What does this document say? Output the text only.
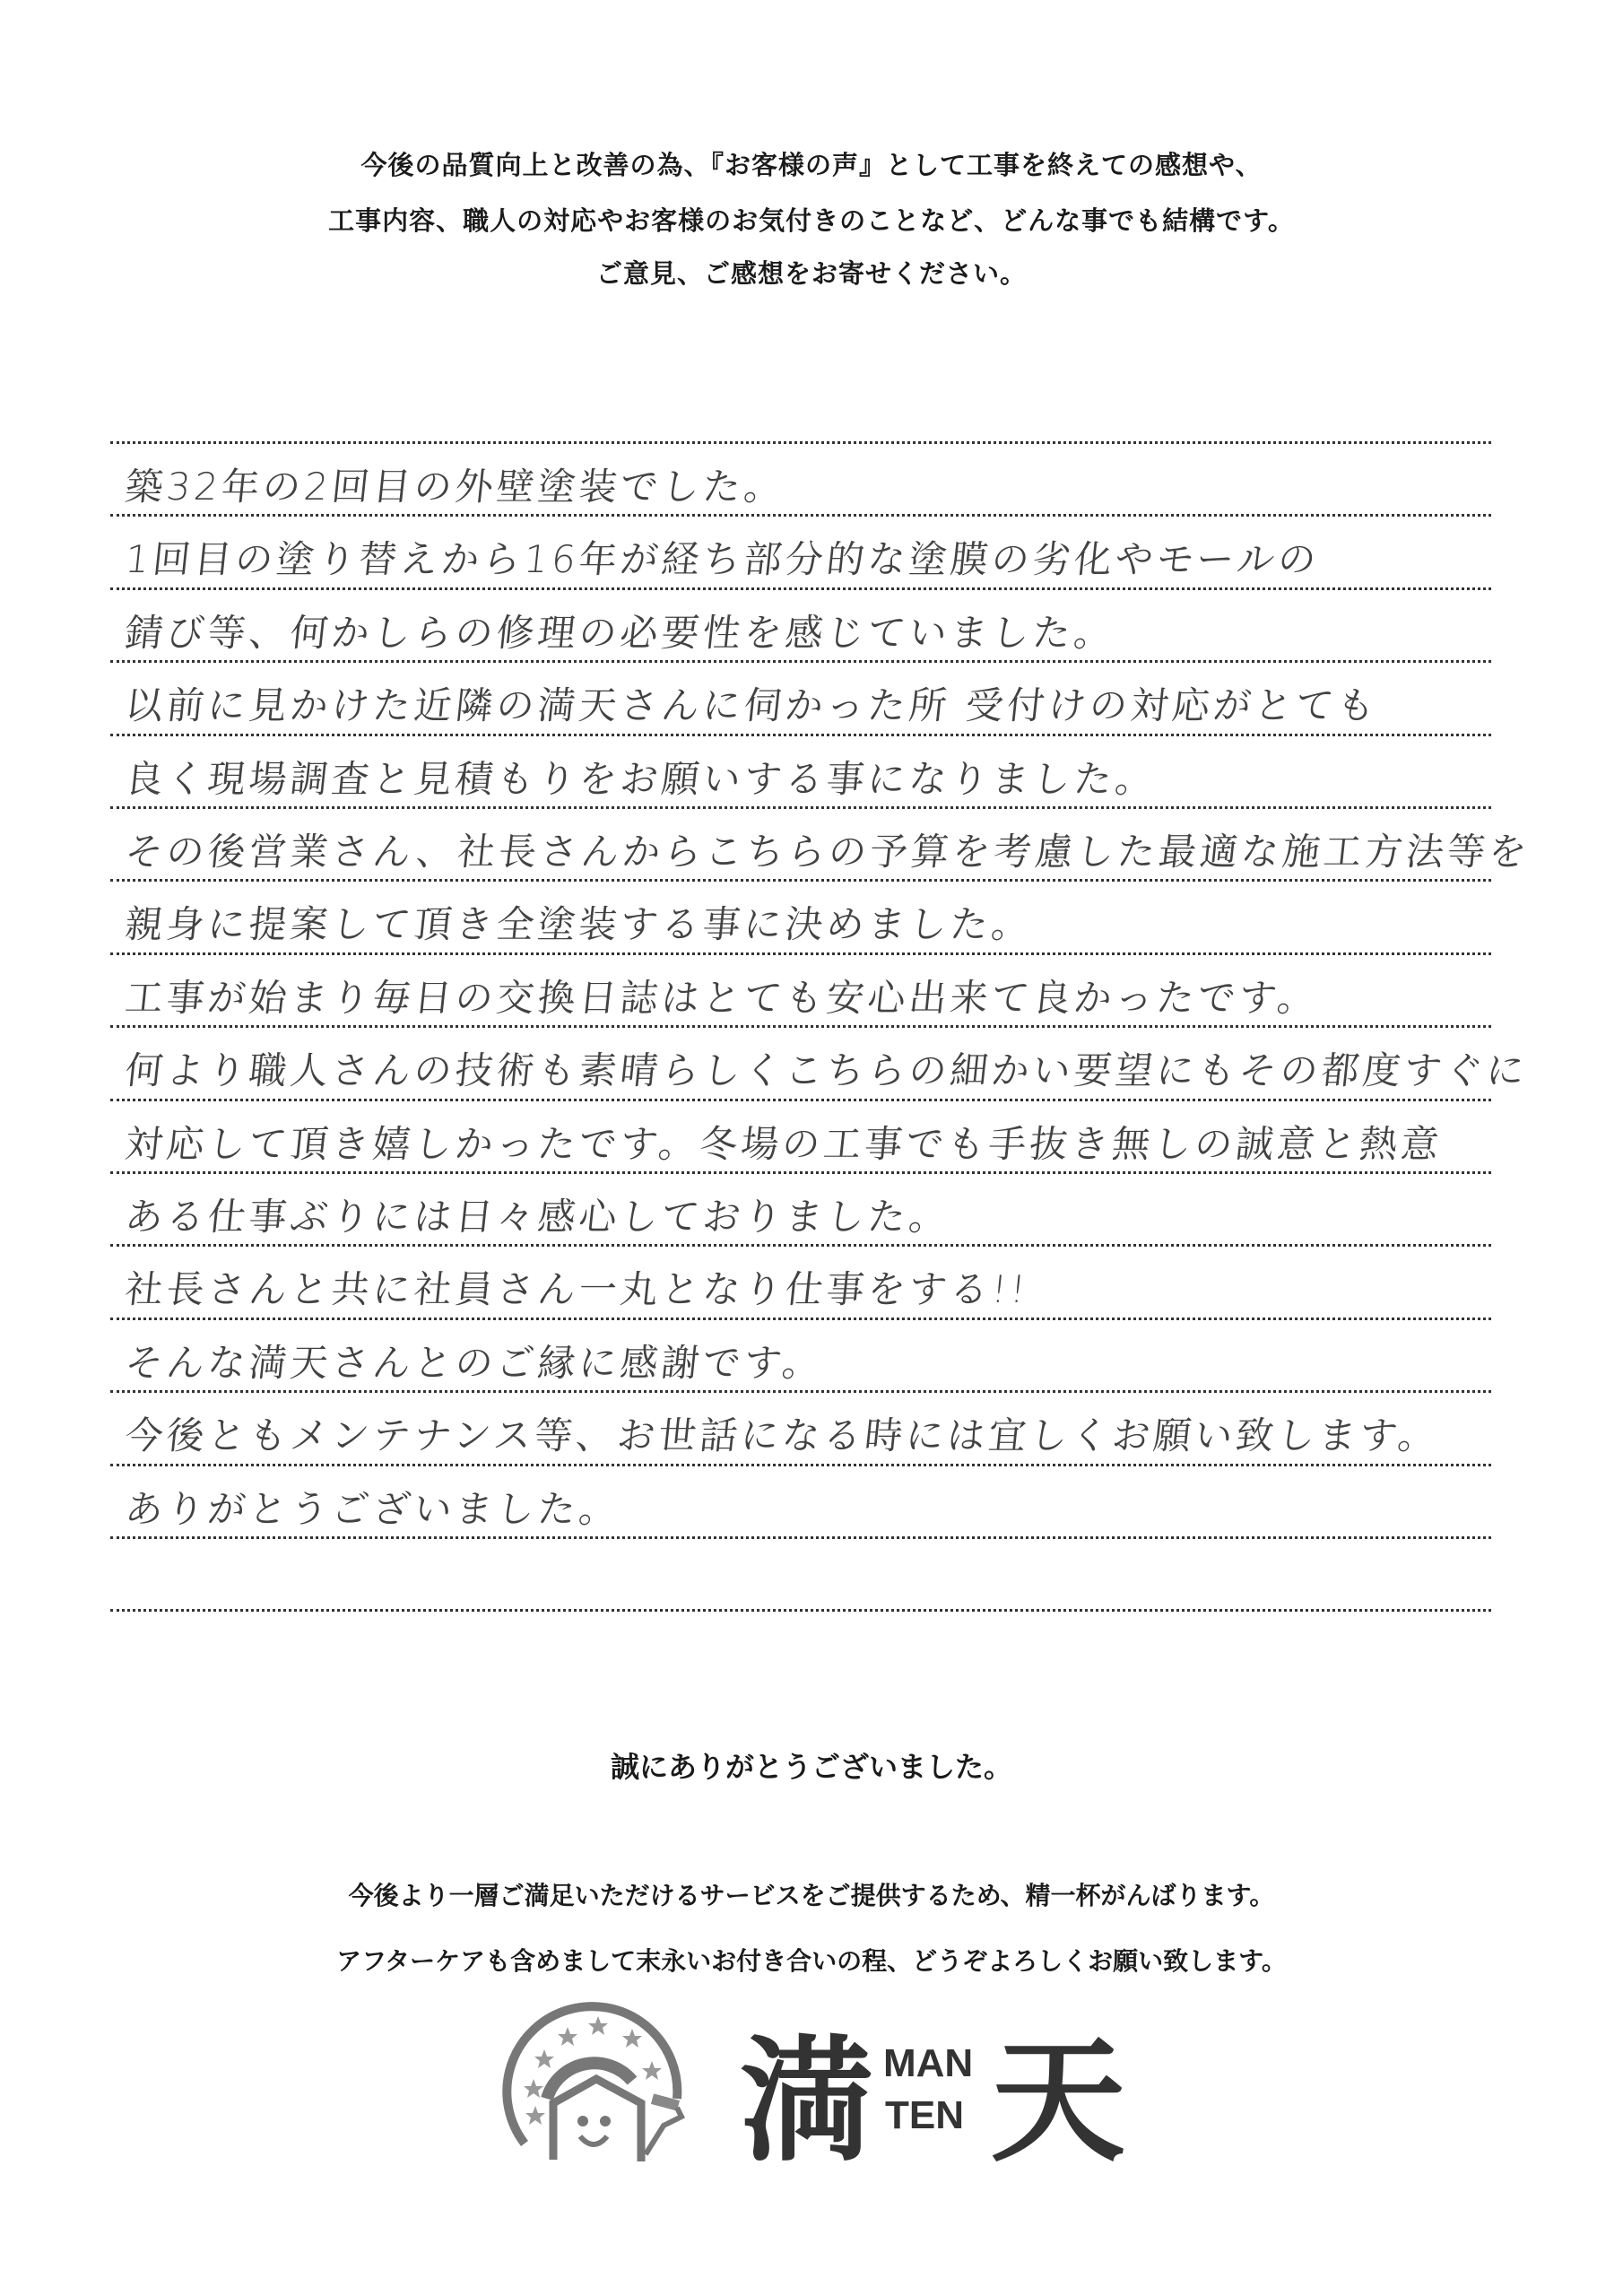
今後の品質向上と改善の為、『お客様の声』として工事を終えての感想や、
工事内容、職人の対応やお客様のお気付きのことなど、どんな事でも結構です。
ご意見、ご感想をお寄せください。
築32年の2回目の外壁塗装でした。
1回目の塗り替えから16年が経ち部分的な塗膜の劣化やモールの
錆び等、何かしらの修理の必要性を感じていました。
以前に見かけた近隣の満天さんに伺かった所 受付けの対応がとても
良く現場調査と見積もりをお願いする事になりました。
その後営業さん、社長さんからこちらの予算を考慮した最適な施工方法等を
親身に提案して頂き全塗装する事に決めました。
工事が始まり毎日の交換日誌はとても安心出来て良かったです。
何より職人さんの技術も素晴らしくこちらの細かい要望にもその都度すぐに
対応して頂き嬉しかったです。冬場の工事でも手抜き無しの誠意と熱意
ある仕事ぶりには日々感心しておりました。
社長さんと共に社員さん一丸となり仕事をする!!
そんな満天さんとのご縁に感謝です。
今後ともメンテナンス等、お世話になる時には宜しくお願い致します。
ありがとうございました。
誠にありがとうございました。
今後より一層ご満足いただけるサービスをご提供するため、精一杯がんばります。
アフターケアも含めまして末永いお付き合いの程、どうぞよろしくお願い致します。
満 MAN
TEN 天
